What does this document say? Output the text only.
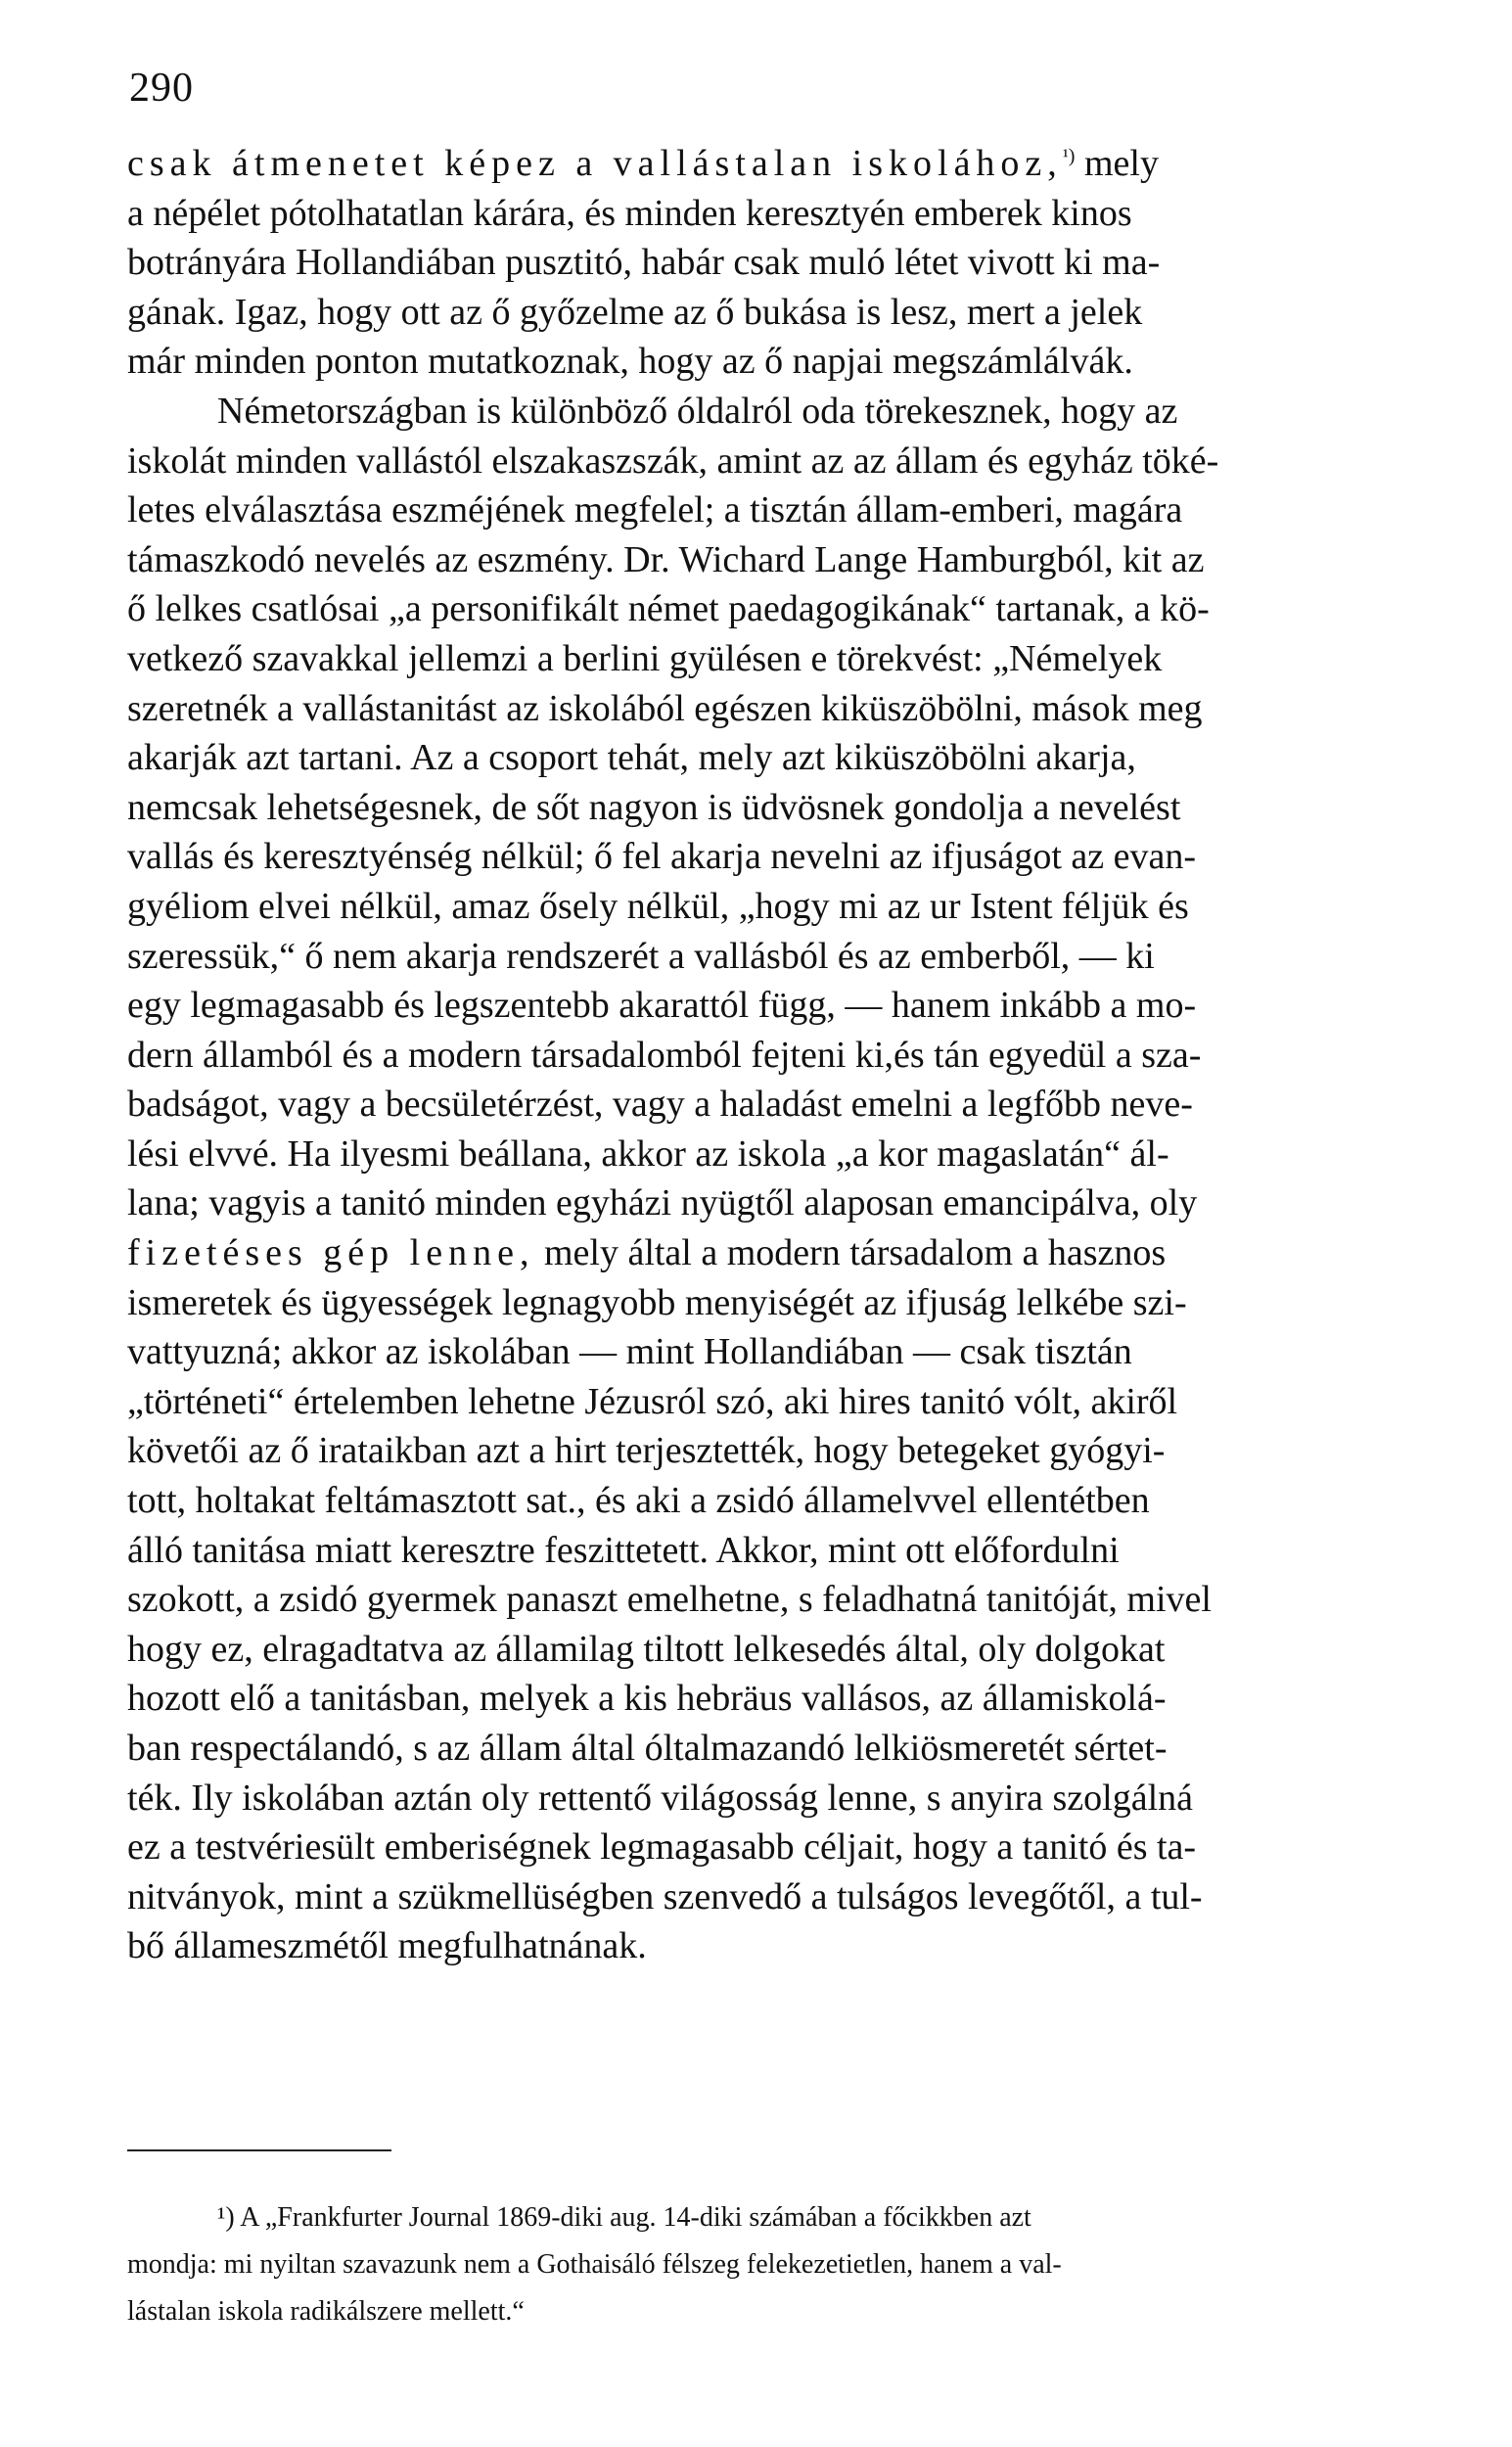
290
csak átmenetet képez a vallástalan iskolához,$^{^1)}$ mely
a népélet pótolhatatlan kárára, és minden keresztyén emberek kinos
botrányára Hollandiában pusztitó, habár csak muló létet vivott ki ma-
gának. Igaz, hogy ott az ő győzelme az ő bukása is lesz, mert a jelek
már minden ponton mutatkoznak, hogy az ő napjai megszámlálvák.
Németországban is különböző óldalról oda törekesznek, hogy az
iskolát minden vallástól elszakaszszák, amint az az állam és egyház töké-
letes elválasztása eszméjének megfelel; a tisztán állam-emberi, magára
támaszkodó nevelés az eszmény. Dr. Wichard Lange Hamburgból, kit az
ő lelkes csatlósai „a personifikált német paedagogikának“ tartanak, a kö-
vetkező szavakkal jellemzi a berlini gyülésen e törekvést: „Némelyek
szeretnék a vallástanitást az iskolából egészen kiküszöbölni, mások meg
akarják azt tartani. Az a csoport tehát, mely azt kiküszöbölni akarja,
nemcsak lehetségesnek, de sőt nagyon is üdvösnek gondolja a nevelést
vallás és keresztyénség nélkül; ő fel akarja nevelni az ifjuságot az evan-
gyéliom elvei nélkül, amaz ősely nélkül, „hogy mi az ur Istent féljük és
szeressük,“ ő nem akarja rendszerét a vallásból és az emberből, — ki
egy legmagasabb és legszentebb akarattól függ, — hanem inkább a mo-
dern államból és a modern társadalomból fejteni ki,és tán egyedül a sza-
badságot, vagy a becsületérzést, vagy a haladást emelni a legfőbb neve-
lési elvvé. Ha ilyesmi beállana, akkor az iskola „a kor magaslatán“ ál-
lana; vagyis a tanitó minden egyházi nyügtől alaposan emancipálva, oly
fizetéses gép lenne, mely által a modern társadalom a hasznos
ismeretek és ügyességek legnagyobb menyiségét az ifjuság lelkébe szi-
vattyuzná; akkor az iskolában — mint Hollandiában — csak tisztán
„történeti“ értelemben lehetne Jézusról szó, aki hires tanitó vólt, akiről
követői az ő irataikban azt a hirt terjesztették, hogy betegeket gyógyi-
tott, holtakat feltámasztott sat., és aki a zsidó államelvvel ellentétben
álló tanitása miatt keresztre feszittetett. Akkor, mint ott előfordulni
szokott, a zsidó gyermek panaszt emelhetne, s feladhatná tanitóját, mivel
hogy ez, elragadtatva az államilag tiltott lelkesedés által, oly dolgokat
hozott elő a tanitásban, melyek a kis hebräus vallásos, az államiskolá-
ban respectálandó, s az állam által óltalmazandó lelkiösmeretét sértet-
ték. Ily iskolában aztán oly rettentő világosság lenne, s anyira szolgálná
ez a testvériesült emberiségnek legmagasabb céljait, hogy a tanitó és ta-
nitványok, mint a szükmellüségben szenvedő a tulságos levegőtől, a tul-
bő állameszmétől megfulhatnának.
¹) A „Frankfurter Journal 1869-diki aug. 14-diki számában a főcikkben azt
mondja: mi nyiltan szavazunk nem a Gothaisáló félszeg felekezetietlen, hanem a val-
lástalan iskola radikálszere mellett.“
